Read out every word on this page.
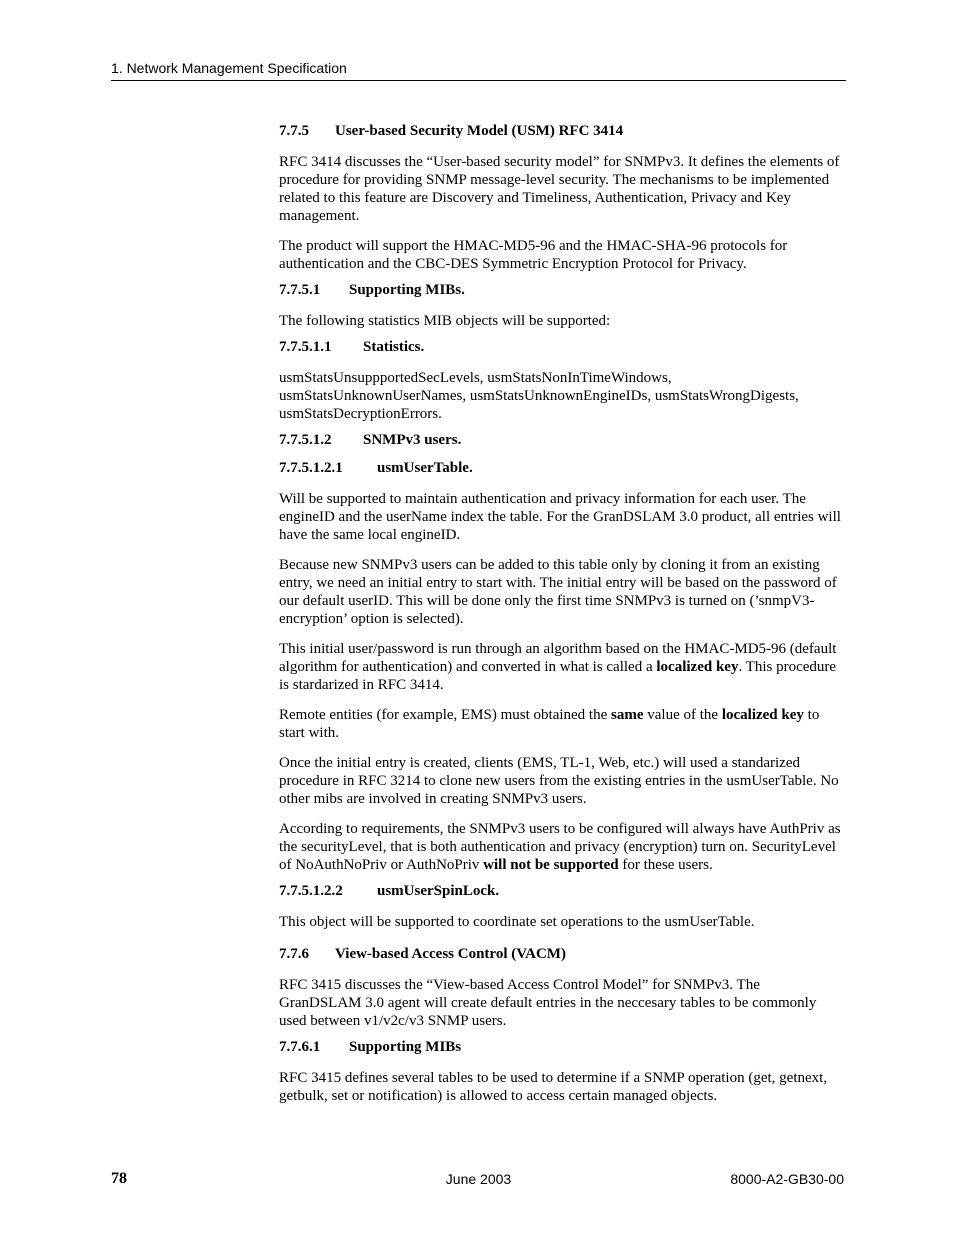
1. Network Management Specification
7.7.5 User-based Security Model (USM) RFC 3414

RFC 3414 discusses the “User-based security model” for SNMPv3. It defines the elements of procedure for providing SNMP message-level security. The mechanisms to be implemented related to this feature are Discovery and Timeliness, Authentication, Privacy and Key management.

The product will support the HMAC-MD5-96 and the HMAC-SHA-96 protocols for authentication and the CBC-DES Symmetric Encryption Protocol for Privacy.

7.7.5.1 Supporting MIBs.

The following statistics MIB objects will be supported:

7.7.5.1.1 Statistics.

usmStatsUnsuppportedSecLevels, usmStatsNonInTimeWindows, usmStatsUnknownUserNames, usmStatsUnknownEngineIDs, usmStatsWrongDigests, usmStatsDecryptionErrors.

7.7.5.1.2 SNMPv3 users.
7.7.5.1.2.1 usmUserTable.

Will be supported to maintain authentication and privacy information for each user. The engineID and the userName index the table. For the GranDSLAM 3.0 product, all entries will have the same local engineID.

Because new SNMPv3 users can be added to this table only by cloning it from an existing entry, we need an initial entry to start with. The initial entry will be based on the password of our default userID. This will be done only the first time SNMPv3 is turned on (’snmpV3-encryption’ option is selected).

This initial user/password is run through an algorithm based on the HMAC-MD5-96 (default algorithm for authentication) and converted in what is called a localized key. This procedure is stardarized in RFC 3414.

Remote entities (for example, EMS) must obtained the same value of the localized key to start with.

Once the initial entry is created, clients (EMS, TL-1, Web, etc.) will used a standarized procedure in RFC 3214 to clone new users from the existing entries in the usmUserTable. No other mibs are involved in creating SNMPv3 users.

According to requirements, the SNMPv3 users to be configured will always have AuthPriv as the securityLevel, that is both authentication and privacy (encryption) turn on. SecurityLevel of NoAuthNoPriv or AuthNoPriv will not be supported for these users.

7.7.5.1.2.2 usmUserSpinLock.

This object will be supported to coordinate set operations to the usmUserTable.

7.7.6 View-based Access Control (VACM)

RFC 3415 discusses the “View-based Access Control Model” for SNMPv3. The GranDSLAM 3.0 agent will create default entries in the neccesary tables to be commonly used between v1/v2c/v3 SNMP users.

7.7.6.1 Supporting MIBs

RFC 3415 defines several tables to be used to determine if a SNMP operation (get, getnext, getbulk, set or notification) is allowed to access certain managed objects.

78	June 2003	8000-A2-GB30-00
